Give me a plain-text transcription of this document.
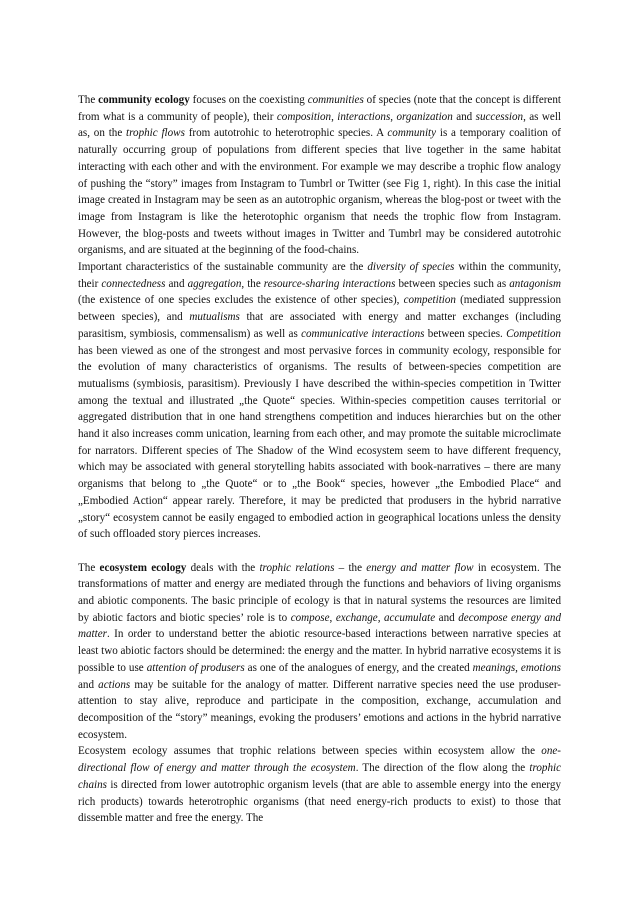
The community ecology focuses on the coexisting communities of species (note that the concept is different from what is a community of people), their composition, interactions, organization and succession, as well as, on the trophic flows from autotrohic to heterotrophic species. A community is a temporary coalition of naturally occurring group of populations from different species that live together in the same habitat interacting with each other and with the environment. For example we may describe a trophic flow analogy of pushing the “story” images from Instagram to Tumbrl or Twitter (see Fig 1, right). In this case the initial image created in Instagram may be seen as an autotrophic organism, whereas the blog-post or tweet with the image from Instagram is like the heterotophic organism that needs the trophic flow from Instagram. However, the blog-posts and tweets without images in Twitter and Tumbrl may be considered autotrohic organisms, and are situated at the beginning of the food-chains.

Important characteristics of the sustainable community are the diversity of species within the community, their connectedness and aggregation, the resource-sharing interactions between species such as antagonism (the existence of one species excludes the existence of other species), competition (mediated suppression between species), and mutualisms that are associated with energy and matter exchanges (including parasitism, symbiosis, commensalism) as well as communicative interactions between species. Competition has been viewed as one of the strongest and most pervasive forces in community ecology, responsible for the evolution of many characteristics of organisms. The results of between-species competition are mutualisms (symbiosis, parasitism). Previously I have described the within-species competition in Twitter among the textual and illustrated „the Quote“ species. Within-species competition causes territorial or aggregated distribution that in one hand strengthens competition and induces hierarchies but on the other hand it also increases comm unication, learning from each other, and may promote the suitable microclimate for narrators. Different species of The Shadow of the Wind ecosystem seem to have different frequency, which may be associated with general storytelling habits associated with book-narratives – there are many organisms that belong to „the Quote“ or to „the Book“ species, however „the Embodied Place“ and „Embodied Action“ appear rarely. Therefore, it may be predicted that produsers in the hybrid narrative „story“ ecosystem cannot be easily engaged to embodied action in geographical locations unless the density of such offloaded story pierces increases.

The ecosystem ecology deals with the trophic relations – the energy and matter flow in ecosystem. The transformations of matter and energy are mediated through the functions and behaviors of living organisms and abiotic components. The basic principle of ecology is that in natural systems the resources are limited by abiotic factors and biotic species’ role is to compose, exchange, accumulate and decompose energy and matter. In order to understand better the abiotic resource-based interactions between narrative species at least two abiotic factors should be determined: the energy and the matter. In hybrid narrative ecosystems it is possible to use attention of produsers as one of the analogues of energy, and the created meanings, emotions and actions may be suitable for the analogy of matter. Different narrative species need the use produser-attention to stay alive, reproduce and participate in the composition, exchange, accumulation and decomposition of the “story” meanings, evoking the produsers’ emotions and actions in the hybrid narrative ecosystem.

Ecosystem ecology assumes that trophic relations between species within ecosystem allow the one-directional flow of energy and matter through the ecosystem. The direction of the flow along the trophic chains is directed from lower autotrophic organism levels (that are able to assemble energy into the energy rich products) towards heterotrophic organisms (that need energy-rich products to exist) to those that dissemble matter and free the energy. The
